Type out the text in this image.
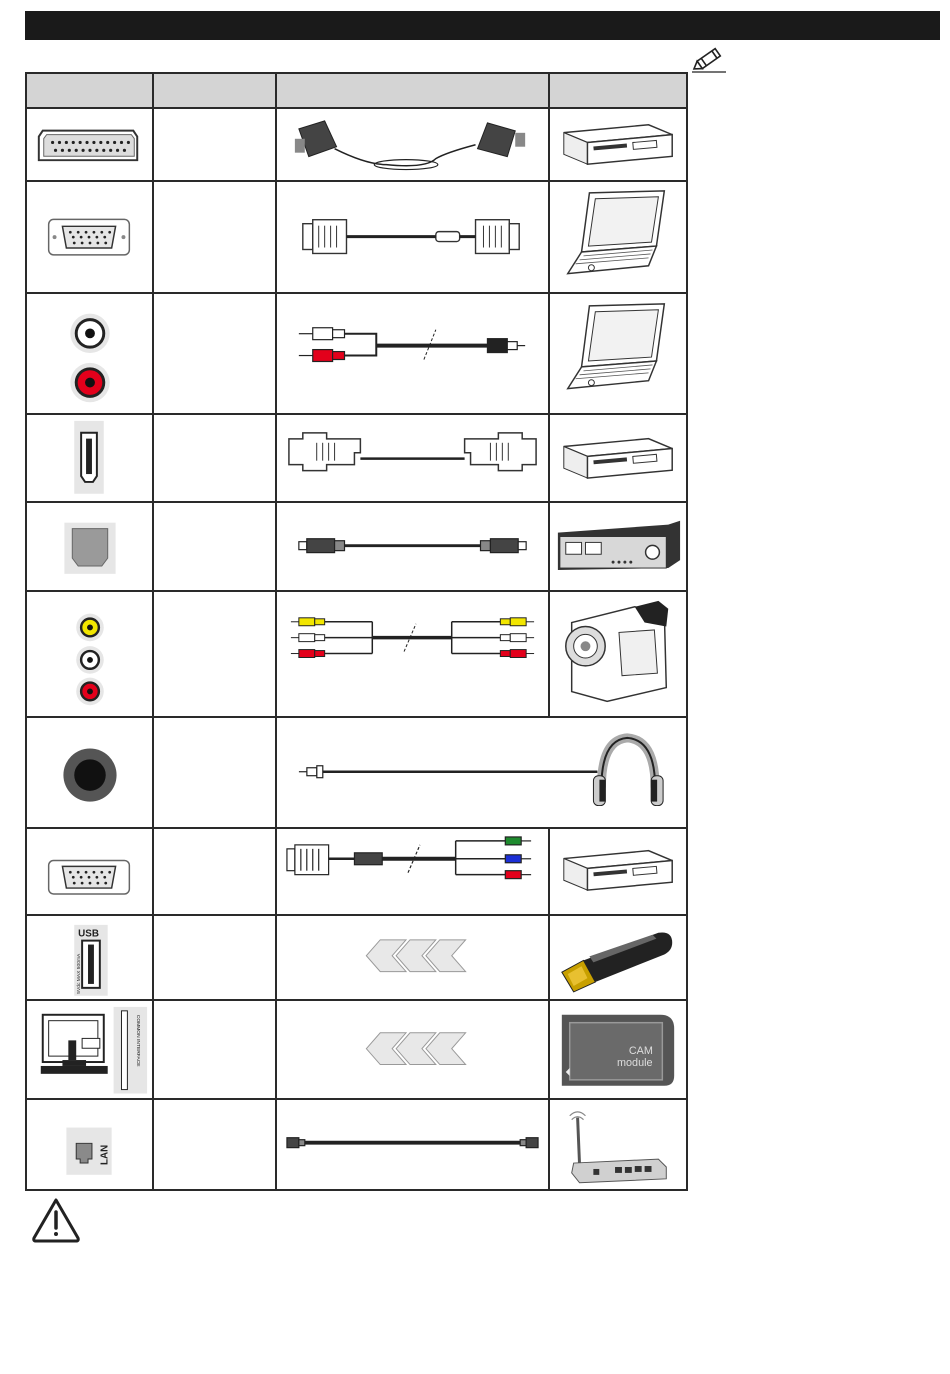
USB
5Vdc MAX 500mA

COMMON INTERFACE			CAM
module

LAN
